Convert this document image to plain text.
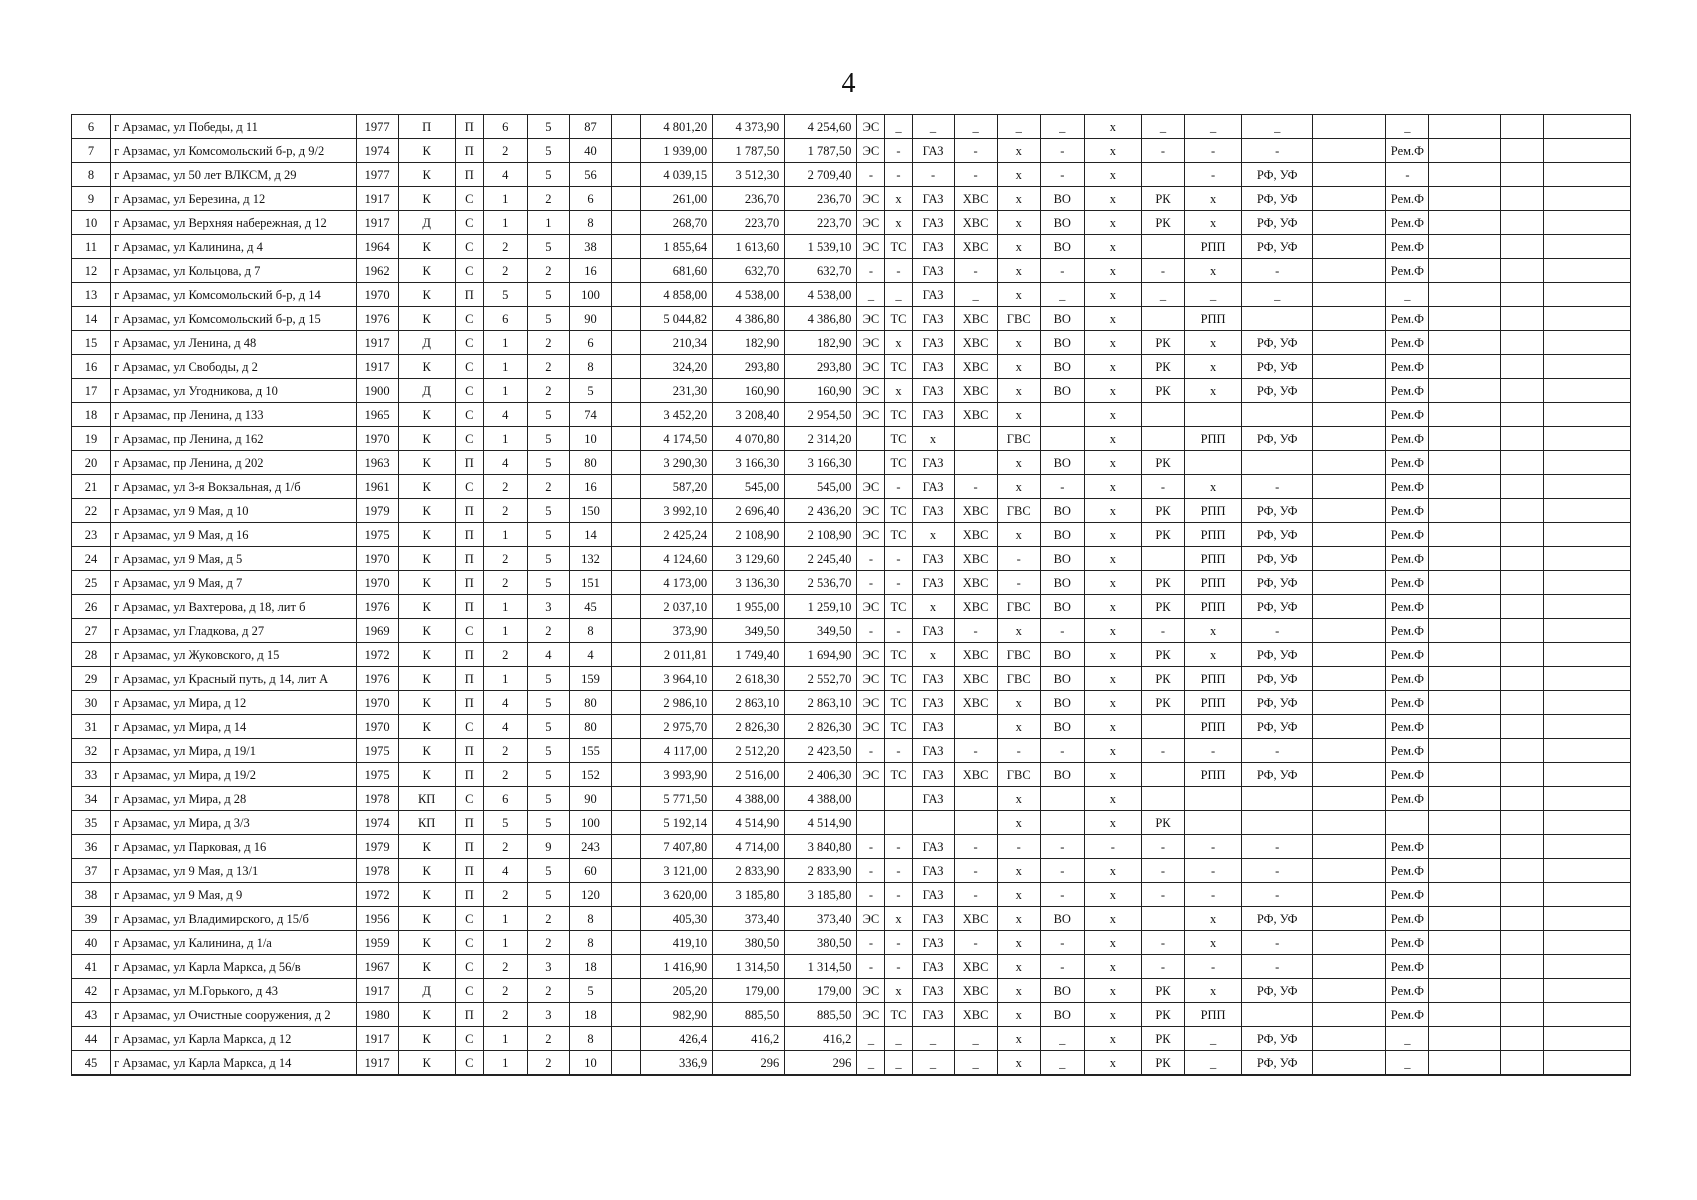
4
6	г Арзамас, ул Победы, д 11	1977	П	П	6	5	87		4 801,20	4 373,90	4 254,60	ЭС	_	_	_	_	_	x	_	_	_		_			
7	г Арзамас, ул Комсомольский б-р, д 9/2	1974	К	П	2	5	40		1 939,00	1 787,50	1 787,50	ЭС	-	ГАЗ	-	x	-	x	-	-	-		Рем.Ф			
8	г Арзамас, ул 50 лет ВЛКСМ, д 29	1977	К	П	4	5	56		4 039,15	3 512,30	2 709,40	-	-	-	-	x	-	x		-	РФ, УФ		-			
9	г Арзамас, ул Березина, д 12	1917	К	С	1	2	6		261,00	236,70	236,70	ЭС	x	ГАЗ	ХВС	x	ВО	x	РК	x	РФ, УФ		Рем.Ф			
10	г Арзамас, ул Верхняя набережная, д 12	1917	Д	С	1	1	8		268,70	223,70	223,70	ЭС	x	ГАЗ	ХВС	x	ВО	x	РК	x	РФ, УФ		Рем.Ф			
11	г Арзамас, ул Калинина, д 4	1964	К	С	2	5	38		1 855,64	1 613,60	1 539,10	ЭС	ТС	ГАЗ	ХВС	x	ВО	x		РПП	РФ, УФ		Рем.Ф			
12	г Арзамас, ул Кольцова, д 7	1962	К	С	2	2	16		681,60	632,70	632,70	-	-	ГАЗ	-	x	-	x	-	x	-		Рем.Ф			
13	г Арзамас, ул Комсомольский б-р, д 14	1970	К	П	5	5	100		4 858,00	4 538,00	4 538,00	_	_	ГАЗ	_	x	_	x	_	_	_		_			
14	г Арзамас, ул Комсомольский б-р, д 15	1976	К	С	6	5	90		5 044,82	4 386,80	4 386,80	ЭС	ТС	ГАЗ	ХВС	ГВС	ВО	x		РПП			Рем.Ф			
15	г Арзамас, ул Ленина, д 48	1917	Д	С	1	2	6		210,34	182,90	182,90	ЭС	x	ГАЗ	ХВС	x	ВО	x	РК	x	РФ, УФ		Рем.Ф			
16	г Арзамас, ул Свободы, д 2	1917	К	С	1	2	8		324,20	293,80	293,80	ЭС	ТС	ГАЗ	ХВС	x	ВО	x	РК	x	РФ, УФ		Рем.Ф			
17	г Арзамас, ул Угодникова, д 10	1900	Д	С	1	2	5		231,30	160,90	160,90	ЭС	x	ГАЗ	ХВС	x	ВО	x	РК	x	РФ, УФ		Рем.Ф			
18	г Арзамас, пр Ленина, д 133	1965	К	С	4	5	74		3 452,20	3 208,40	2 954,50	ЭС	ТС	ГАЗ	ХВС	x		x					Рем.Ф			
19	г Арзамас, пр Ленина, д 162	1970	К	С	1	5	10		4 174,50	4 070,80	2 314,20		ТС	x		ГВС		x		РПП	РФ, УФ		Рем.Ф			
20	г Арзамас, пр Ленина, д 202	1963	К	П	4	5	80		3 290,30	3 166,30	3 166,30		ТС	ГАЗ		x	ВО	x	РК				Рем.Ф			
21	г Арзамас, ул 3-я Вокзальная, д 1/б	1961	К	С	2	2	16		587,20	545,00	545,00	ЭС	-	ГАЗ	-	x	-	x	-	x	-		Рем.Ф			
22	г Арзамас, ул 9 Мая, д 10	1979	К	П	2	5	150		3 992,10	2 696,40	2 436,20	ЭС	ТС	ГАЗ	ХВС	ГВС	ВО	x	РК	РПП	РФ, УФ		Рем.Ф			
23	г Арзамас, ул 9 Мая, д 16	1975	К	П	1	5	14		2 425,24	2 108,90	2 108,90	ЭС	ТС	x	ХВС	x	ВО	x	РК	РПП	РФ, УФ		Рем.Ф			
24	г Арзамас, ул 9 Мая, д 5	1970	К	П	2	5	132		4 124,60	3 129,60	2 245,40	-	-	ГАЗ	ХВС	-	ВО	x		РПП	РФ, УФ		Рем.Ф			
25	г Арзамас, ул 9 Мая, д 7	1970	К	П	2	5	151		4 173,00	3 136,30	2 536,70	-	-	ГАЗ	ХВС	-	ВО	x	РК	РПП	РФ, УФ		Рем.Ф			
26	г Арзамас, ул Вахтерова, д 18, лит б	1976	К	П	1	3	45		2 037,10	1 955,00	1 259,10	ЭС	ТС	x	ХВС	ГВС	ВО	x	РК	РПП	РФ, УФ		Рем.Ф			
27	г Арзамас, ул Гладкова, д 27	1969	К	С	1	2	8		373,90	349,50	349,50	-	-	ГАЗ	-	x	-	x	-	x	-		Рем.Ф			
28	г Арзамас, ул Жуковского, д 15	1972	К	П	2	4	4		2 011,81	1 749,40	1 694,90	ЭС	ТС	x	ХВС	ГВС	ВО	x	РК	x	РФ, УФ		Рем.Ф			
29	г Арзамас, ул Красный путь, д 14, лит А	1976	К	П	1	5	159		3 964,10	2 618,30	2 552,70	ЭС	ТС	ГАЗ	ХВС	ГВС	ВО	x	РК	РПП	РФ, УФ		Рем.Ф			
30	г Арзамас, ул Мира, д 12	1970	К	П	4	5	80		2 986,10	2 863,10	2 863,10	ЭС	ТС	ГАЗ	ХВС	x	ВО	x	РК	РПП	РФ, УФ		Рем.Ф			
31	г Арзамас, ул Мира, д 14	1970	К	С	4	5	80		2 975,70	2 826,30	2 826,30	ЭС	ТС	ГАЗ		x	ВО	x		РПП	РФ, УФ		Рем.Ф			
32	г Арзамас, ул Мира, д 19/1	1975	К	П	2	5	155		4 117,00	2 512,20	2 423,50	-	-	ГАЗ	-	-	-	x	-	-	-		Рем.Ф			
33	г Арзамас, ул Мира, д 19/2	1975	К	П	2	5	152		3 993,90	2 516,00	2 406,30	ЭС	ТС	ГАЗ	ХВС	ГВС	ВО	x		РПП	РФ, УФ		Рем.Ф			
34	г Арзамас, ул Мира, д 28	1978	КП	С	6	5	90		5 771,50	4 388,00	4 388,00			ГАЗ		x		x					Рем.Ф			
35	г Арзамас, ул Мира, д 3/3	1974	КП	П	5	5	100		5 192,14	4 514,90	4 514,90					x		x	РК							
36	г Арзамас, ул Парковая, д 16	1979	К	П	2	9	243		7 407,80	4 714,00	3 840,80	-	-	ГАЗ	-	-	-	-	-	-	-		Рем.Ф			
37	г Арзамас, ул 9 Мая, д 13/1	1978	К	П	4	5	60		3 121,00	2 833,90	2 833,90	-	-	ГАЗ	-	x	-	x	-	-	-		Рем.Ф			
38	г Арзамас, ул 9 Мая, д 9	1972	К	П	2	5	120		3 620,00	3 185,80	3 185,80	-	-	ГАЗ	-	x	-	x	-	-	-		Рем.Ф			
39	г Арзамас, ул Владимирского, д 15/б	1956	К	С	1	2	8		405,30	373,40	373,40	ЭС	x	ГАЗ	ХВС	x	ВО	x		x	РФ, УФ		Рем.Ф			
40	г Арзамас, ул Калинина, д 1/а	1959	К	С	1	2	8		419,10	380,50	380,50	-	-	ГАЗ	-	x	-	x	-	x	-		Рем.Ф			
41	г Арзамас, ул Карла Маркса, д 56/в	1967	К	С	2	3	18		1 416,90	1 314,50	1 314,50	-	-	ГАЗ	ХВС	x	-	x	-	-	-		Рем.Ф			
42	г Арзамас, ул М.Горького, д 43	1917	Д	С	2	2	5		205,20	179,00	179,00	ЭС	x	ГАЗ	ХВС	x	ВО	x	РК	x	РФ, УФ		Рем.Ф			
43	г Арзамас, ул Очистные сооружения, д 2	1980	К	П	2	3	18		982,90	885,50	885,50	ЭС	ТС	ГАЗ	ХВС	x	ВО	x	РК	РПП			Рем.Ф			
44	г Арзамас, ул Карла Маркса, д 12	1917	К	С	1	2	8		426,4	416,2	416,2	_	_	_	_	x	_	x	РК	_	РФ, УФ		_			
45	г Арзамас, ул Карла Маркса, д 14	1917	К	С	1	2	10		336,9	296	296	_	_	_	_	x	_	x	РК	_	РФ, УФ		_			
